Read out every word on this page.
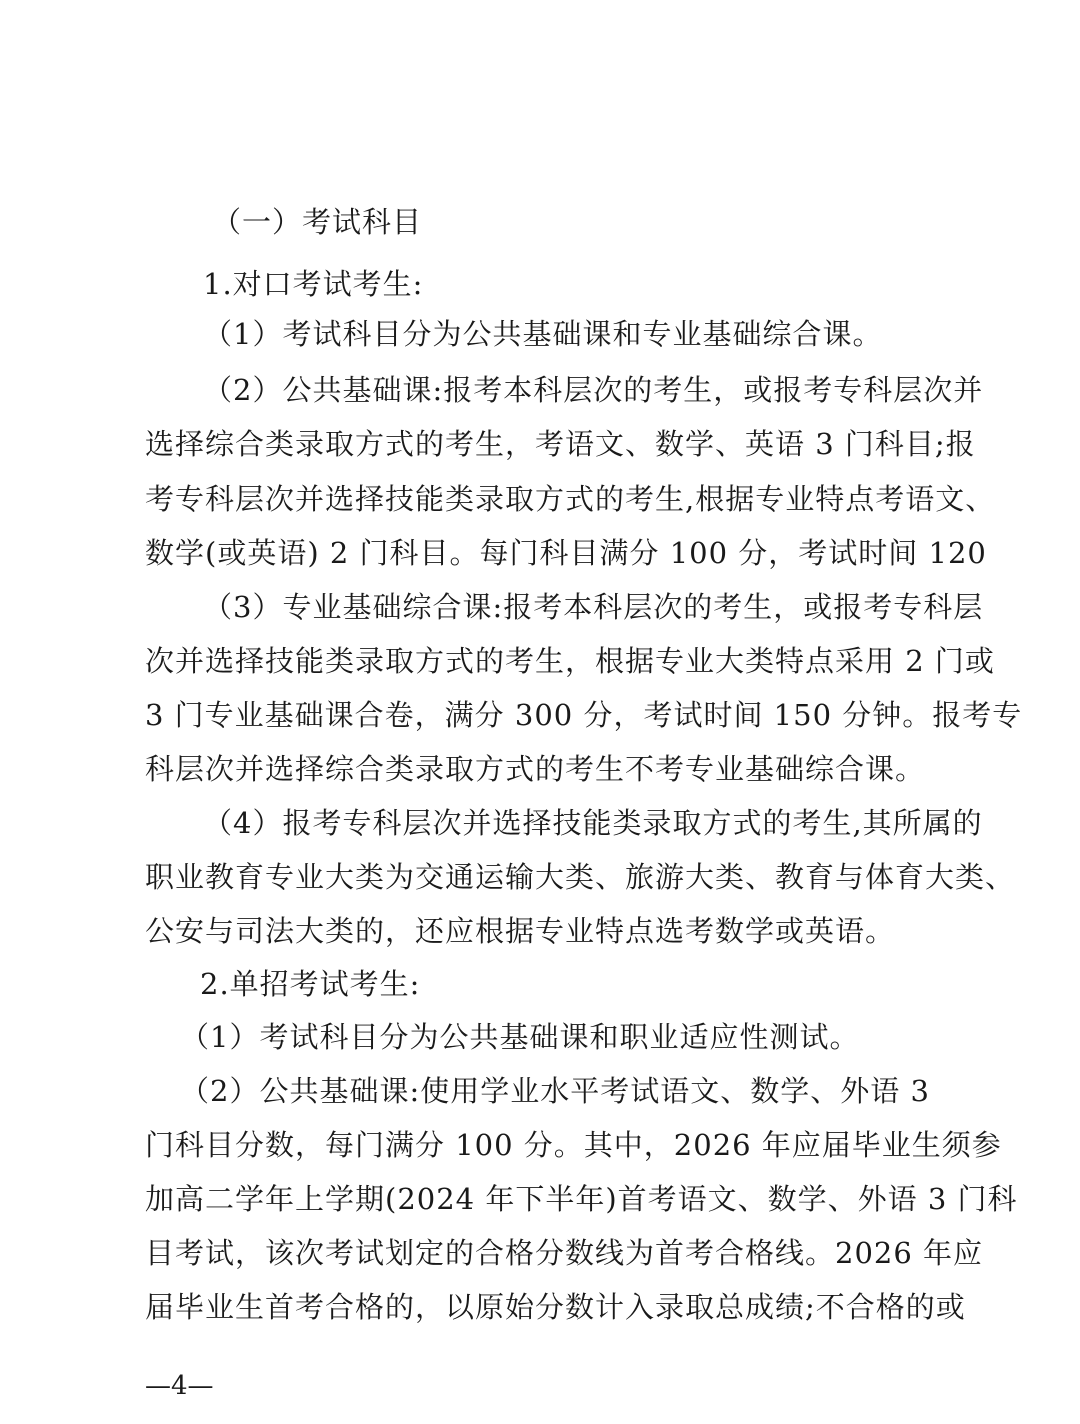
（一）考试科目
1.对口考试考生:
（1）考试科目分为公共基础课和专业基础综合课。
（2）公共基础课:报考本科层次的考生，或报考专科层次并
选择综合类录取方式的考生，考语文、数学、英语 3 门科目;报
考专科层次并选择技能类录取方式的考生,根据专业特点考语文、
数学(或英语) 2 门科目。每门科目满分 100 分，考试时间 120
（3）专业基础综合课:报考本科层次的考生，或报考专科层
次并选择技能类录取方式的考生，根据专业大类特点采用 2 门或
3 门专业基础课合卷，满分 300 分，考试时间 150 分钟。报考专
科层次并选择综合类录取方式的考生不考专业基础综合课。
（4）报考专科层次并选择技能类录取方式的考生,其所属的
职业教育专业大类为交通运输大类、旅游大类、教育与体育大类、
公安与司法大类的，还应根据专业特点选考数学或英语。
2.单招考试考生:
（1）考试科目分为公共基础课和职业适应性测试。
（2）公共基础课:使用学业水平考试语文、数学、外语 3
门科目分数，每门满分 100 分。其中，2026 年应届毕业生须参
加高二学年上学期(2024 年下半年)首考语文、数学、外语 3 门科
目考试，该次考试划定的合格分数线为首考合格线。2026 年应
届毕业生首考合格的，以原始分数计入录取总成绩;不合格的或
—4—
